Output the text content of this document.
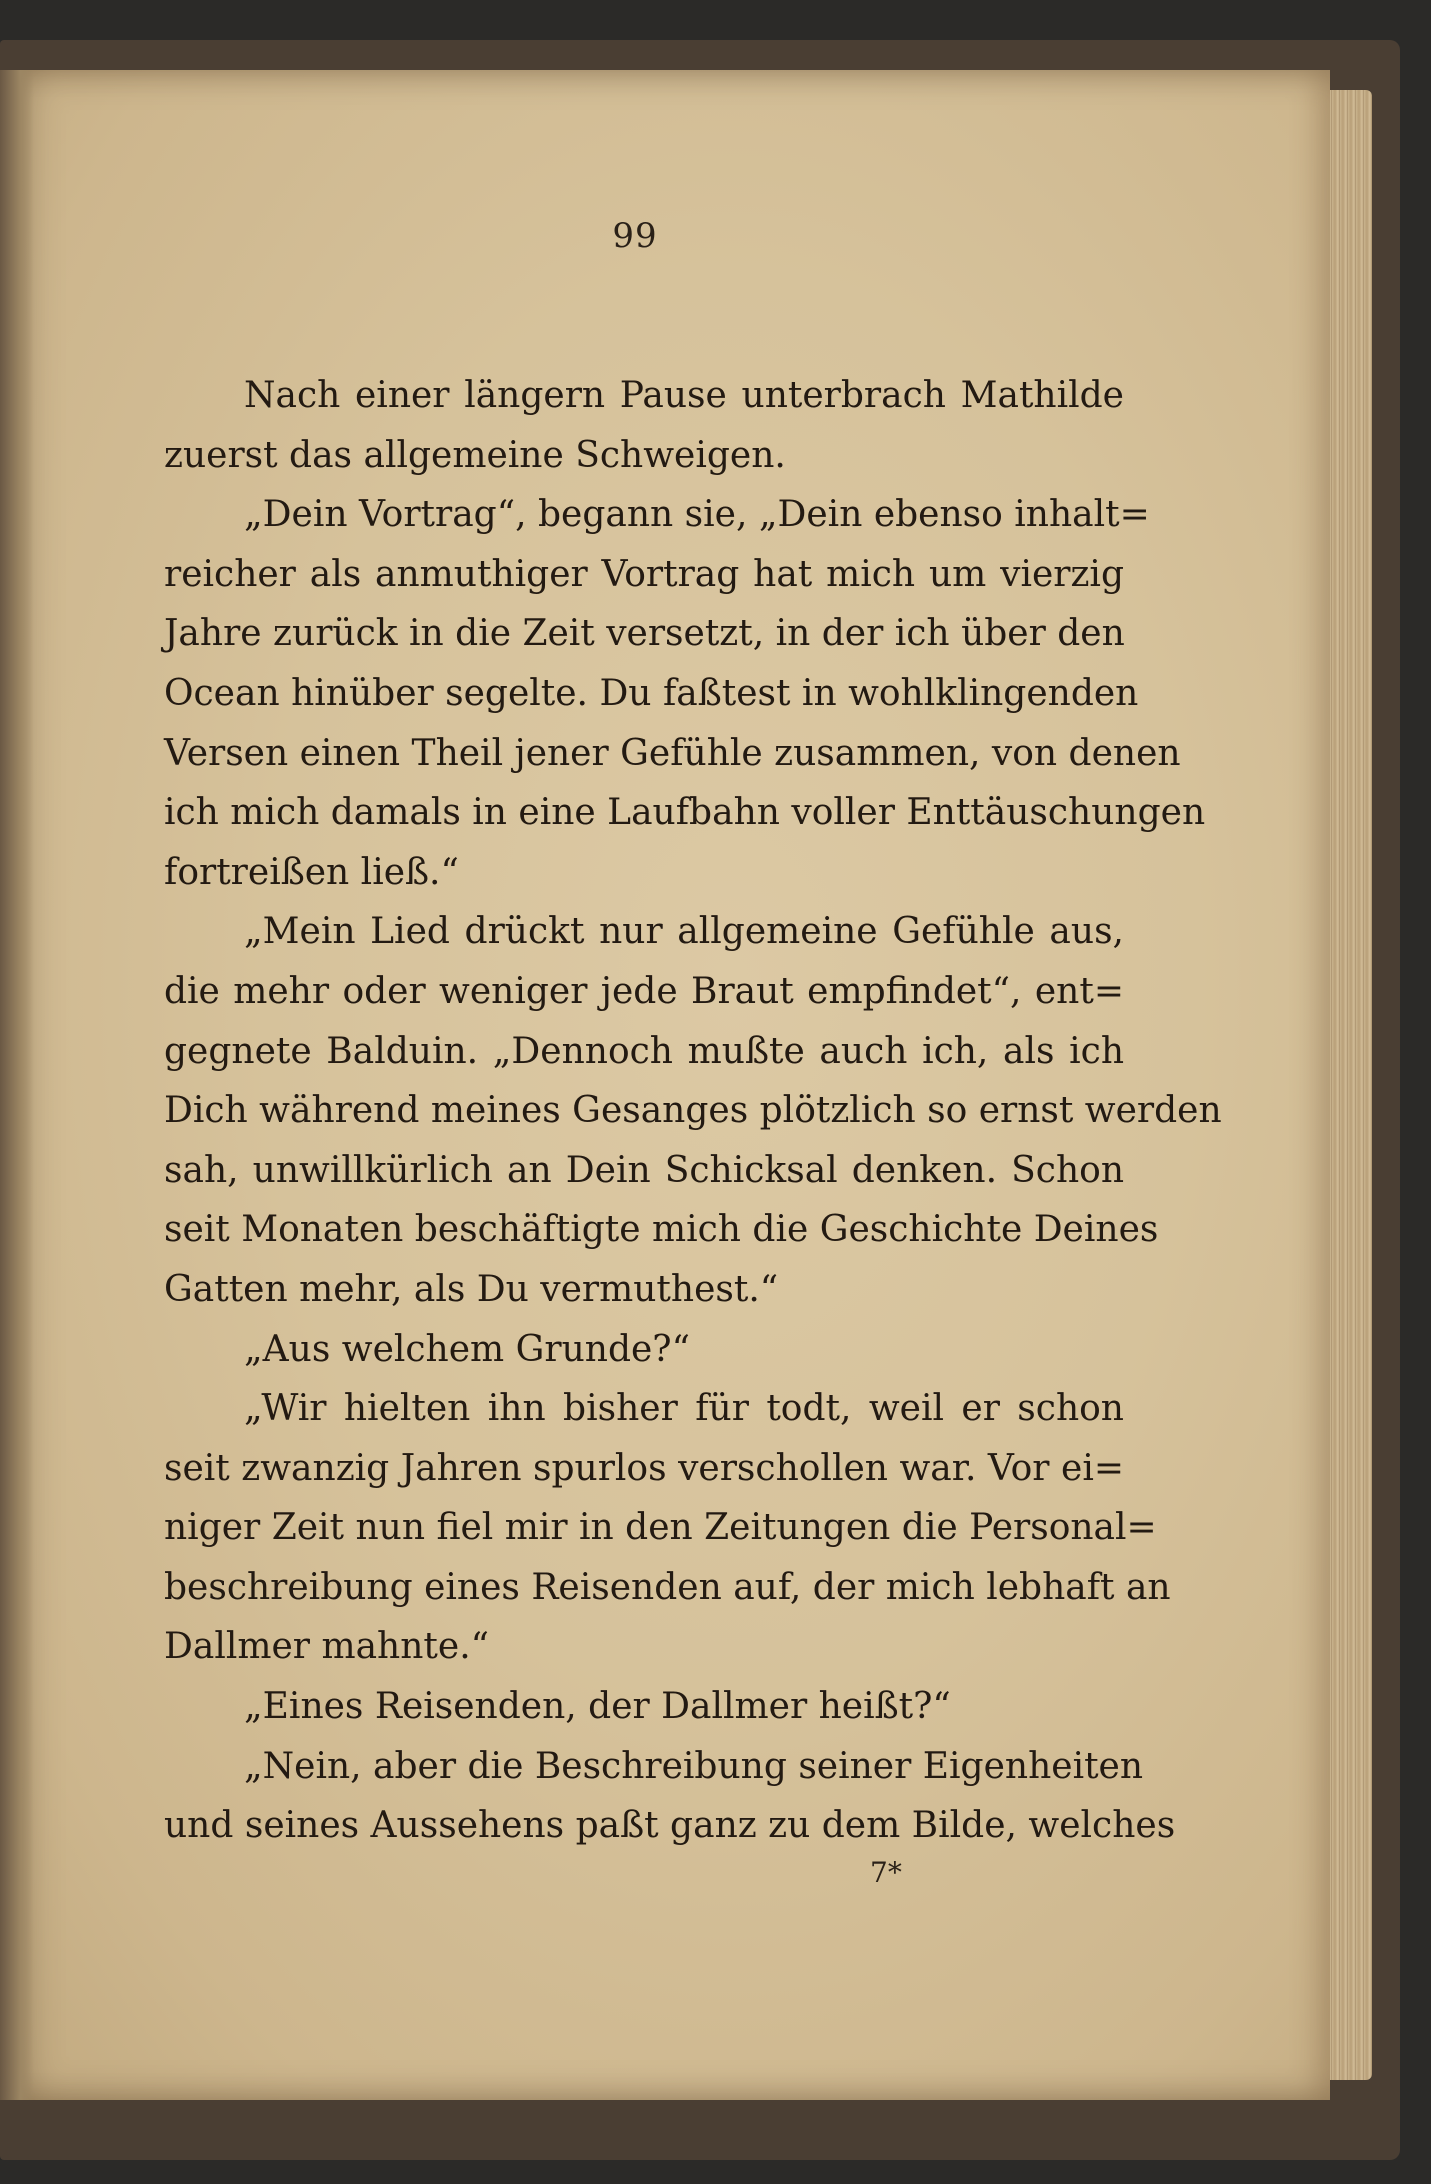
99
Nach einer längern Pause unterbrach Mathilde
zuerst das allgemeine Schweigen.
„Dein Vortrag“, begann sie, „Dein ebenso inhalt=
reicher als anmuthiger Vortrag hat mich um vierzig
Jahre zurück in die Zeit versetzt, in der ich über den
Ocean hinüber segelte. Du faßtest in wohlklingenden
Versen einen Theil jener Gefühle zusammen, von denen
ich mich damals in eine Laufbahn voller Enttäuschungen
fortreißen ließ.“
„Mein Lied drückt nur allgemeine Gefühle aus,
die mehr oder weniger jede Braut empfindet“, ent=
gegnete Balduin. „Dennoch mußte auch ich, als ich
Dich während meines Gesanges plötzlich so ernst werden
sah, unwillkürlich an Dein Schicksal denken. Schon
seit Monaten beschäftigte mich die Geschichte Deines
Gatten mehr, als Du vermuthest.“
„Aus welchem Grunde?“
„Wir hielten ihn bisher für todt, weil er schon
seit zwanzig Jahren spurlos verschollen war. Vor ei=
niger Zeit nun fiel mir in den Zeitungen die Personal=
beschreibung eines Reisenden auf, der mich lebhaft an
Dallmer mahnte.“
„Eines Reisenden, der Dallmer heißt?“
„Nein, aber die Beschreibung seiner Eigenheiten
und seines Aussehens paßt ganz zu dem Bilde, welches
7*
